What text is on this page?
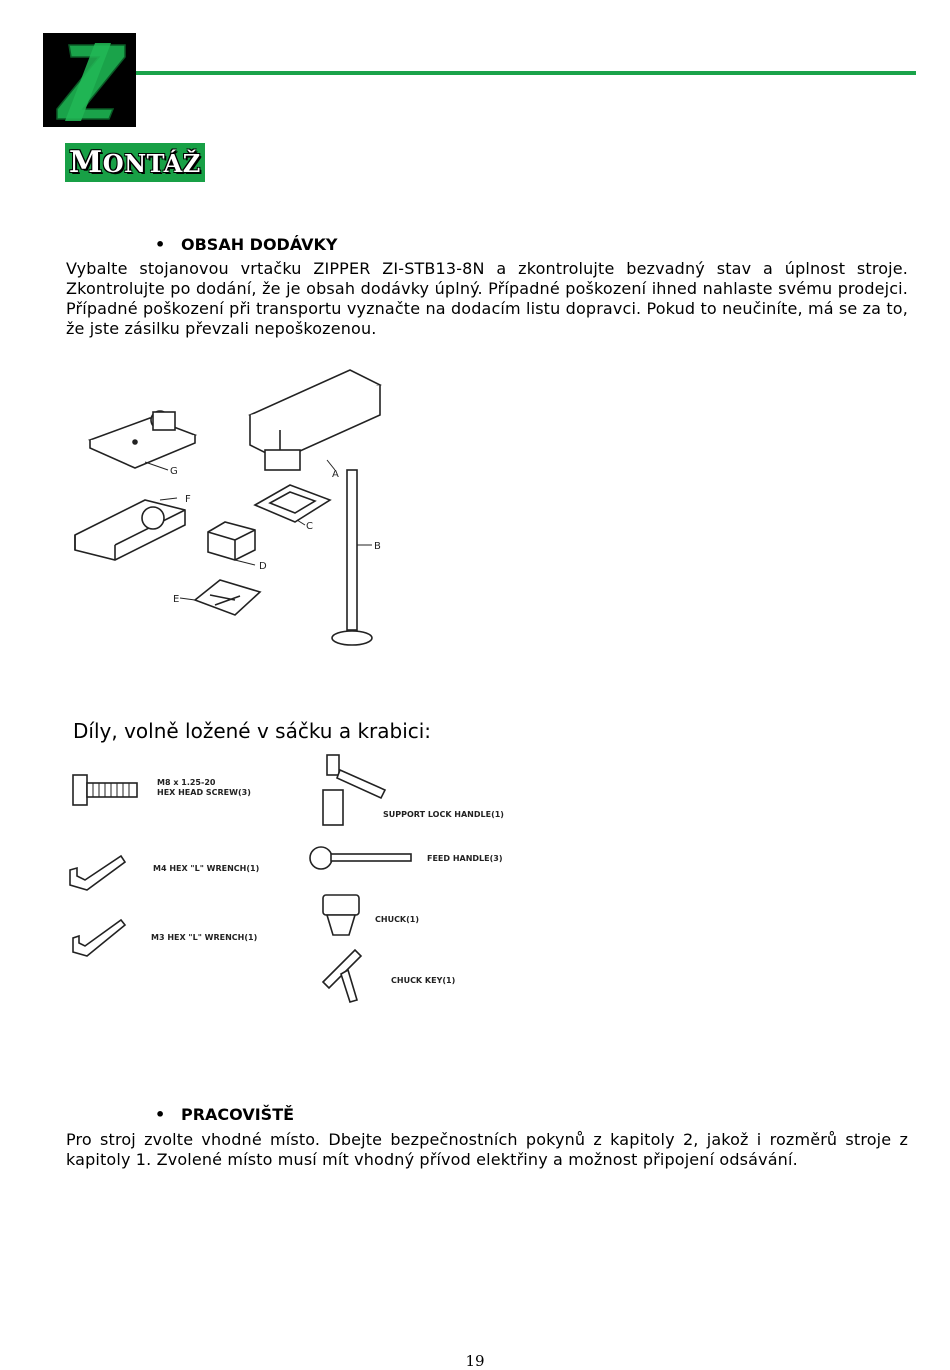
MONTÁŽ
• OBSAH DODÁVKY
Vybalte stojanovou vrtačku ZIPPER ZI-STB13-8N a zkontrolujte bezvadný stav a úplnost stroje. Zkontrolujte po dodání, že je obsah dodávky úplný. Případné poškození ihned nahlaste svému prodejci. Případné poškození při transportu vyznačte na dodacím listu dopravci. Pokud to neučiníte, má se za to, že jste zásilku převzali nepoškozenou.
A
B
C
D
E
F
G
Díly, volně ložené v sáčku a krabici:
M8 x 1.25-20
HEX HEAD SCREW(3)
M4 HEX "L" WRENCH(1)
M3 HEX "L" WRENCH(1)
SUPPORT LOCK HANDLE(1)
FEED HANDLE(3)
CHUCK(1)
CHUCK KEY(1)
• PRACOVIŠTĚ
Pro stroj zvolte vhodné místo. Dbejte bezpečnostních pokynů z kapitoly 2, jakož i rozměrů stroje z kapitoly 1. Zvolené místo musí mít vhodný přívod elektřiny a možnost připojení odsávání.
19
